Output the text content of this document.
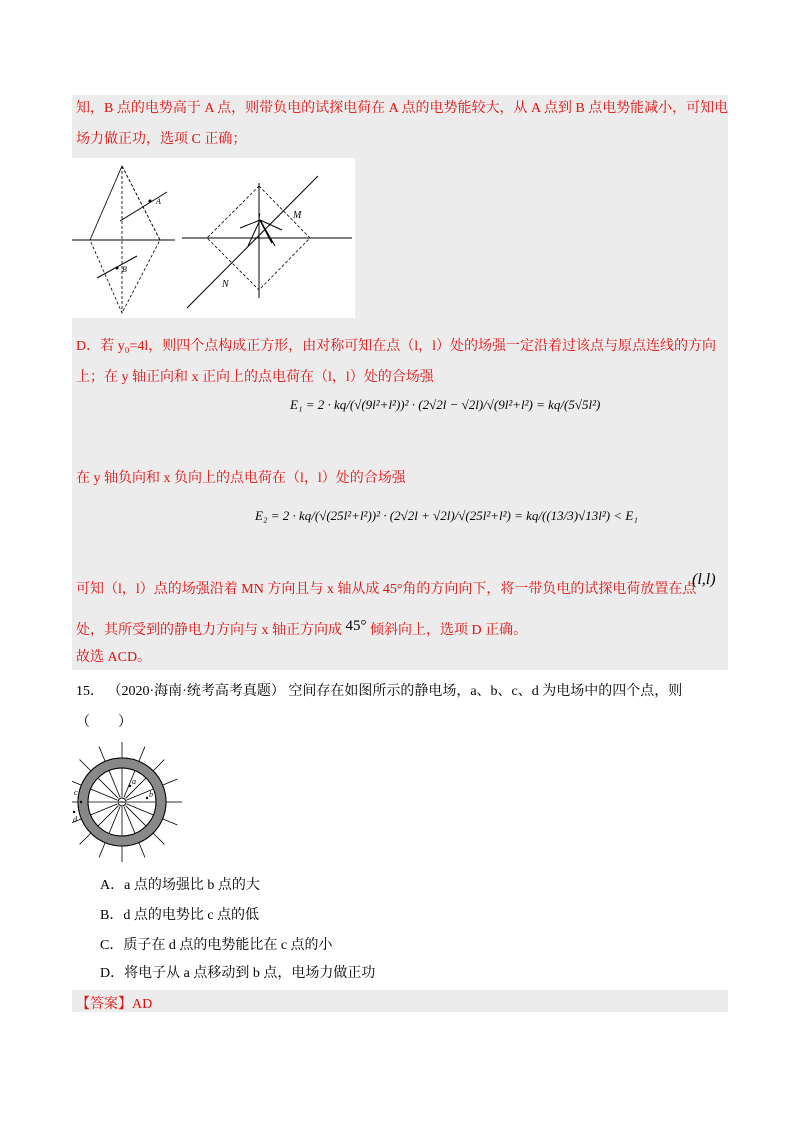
知，B 点的电势高于 A 点，则带负电的试探电荷在 A 点的电势能较大，从 A 点到 B 点电势能减小，可知电
场力做正功，选项 C 正确；
A
B
l	M
N
D．若 y₀=4l，则四个点构成正方形，由对称可知在点（l，l）处的场强一定沿着过该点与原点连线的方向
上；在 y 轴正向和 x 正向上的点电荷在（l，l）处的合场强
E₁ = 2 · kq/(√(9l²+l²))² · (2√2l − √2l)/√(9l²+l²) = kq/(5√5l²)
在 y 轴负向和 x 负向上的点电荷在（l，l）处的合场强
E₂ = 2 · kq/(√(25l²+l²))² · (2√2l + √2l)/√(25l²+l²) = kq/((13/3)√13l²) < E₁
可知（l，l）点的场强沿着 MN 方向且与 x 轴从成 45°角的方向向下，将一带负电的试探电荷放置在点
(l,l)
处，其所受到的静电力方向与 x 轴正方向成 45° 倾斜向上，选项 D 正确。
故选 ACD。
15． （2020·海南·统考高考真题） 空间存在如图所示的静电场，a、b、c、d 为电场中的四个点，则
（　　）
a
b
c
d
A．a 点的场强比 b 点的大
B．d 点的电势比 c 点的低
C．质子在 d 点的电势能比在 c 点的小
D．将电子从 a 点移动到 b 点，电场力做正功
【答案】AD
